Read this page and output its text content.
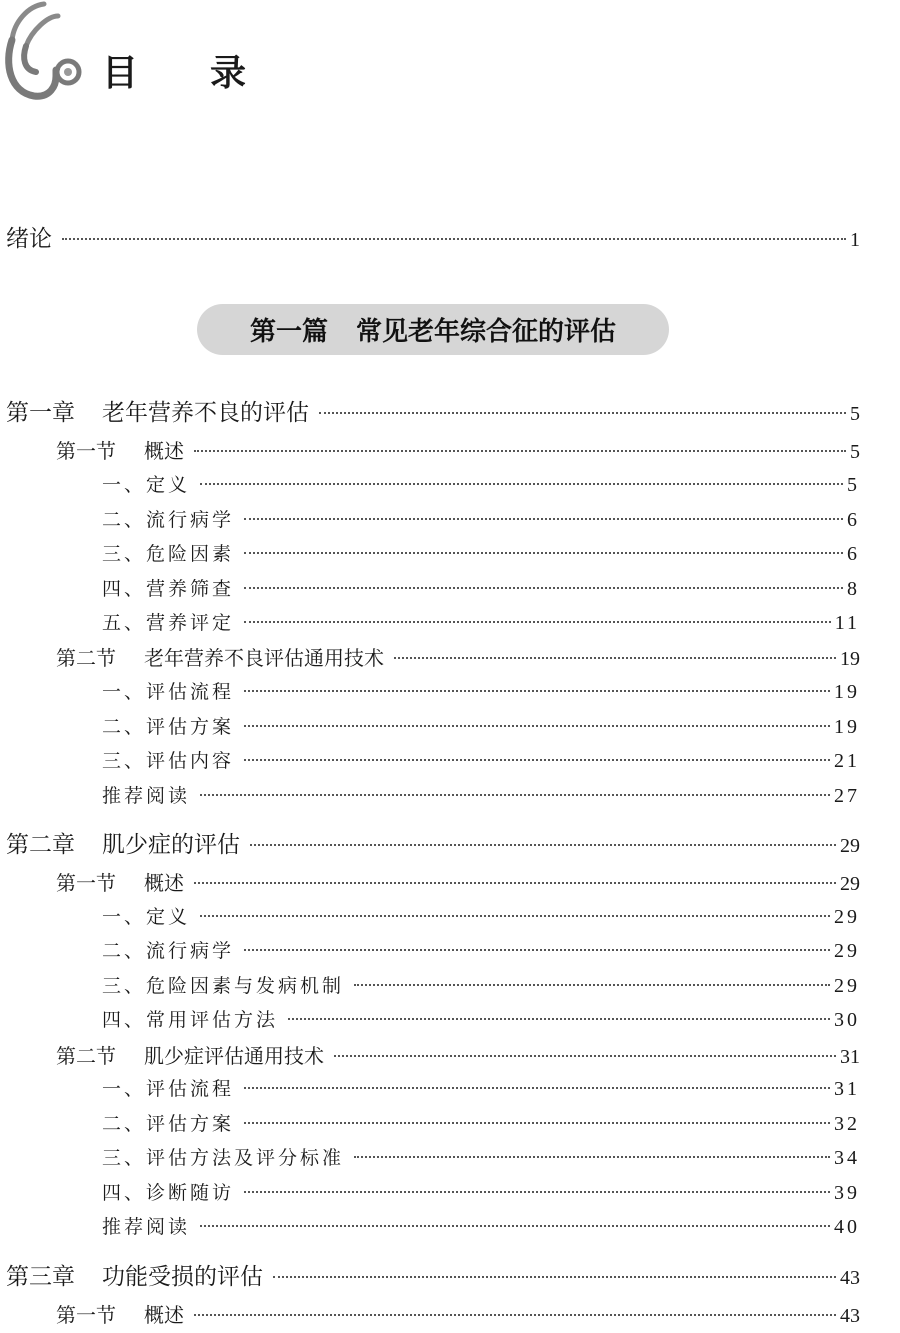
目 录
绪论	1
第一篇 常见老年综合征的评估
第一章 老年营养不良的评估	5
第一节 概述	5
一、定义	5
二、流行病学	6
三、危险因素	6
四、营养筛查	8
五、营养评定	11
第二节 老年营养不良评估通用技术	19
一、评估流程	19
二、评估方案	19
三、评估内容	21
推荐阅读	27
第二章 肌少症的评估	29
第一节 概述	29
一、定义	29
二、流行病学	29
三、危险因素与发病机制	29
四、常用评估方法	30
第二节 肌少症评估通用技术	31
一、评估流程	31
二、评估方案	32
三、评估方法及评分标准	34
四、诊断随访	39
推荐阅读	40
第三章 功能受损的评估	43
第一节 概述	43
